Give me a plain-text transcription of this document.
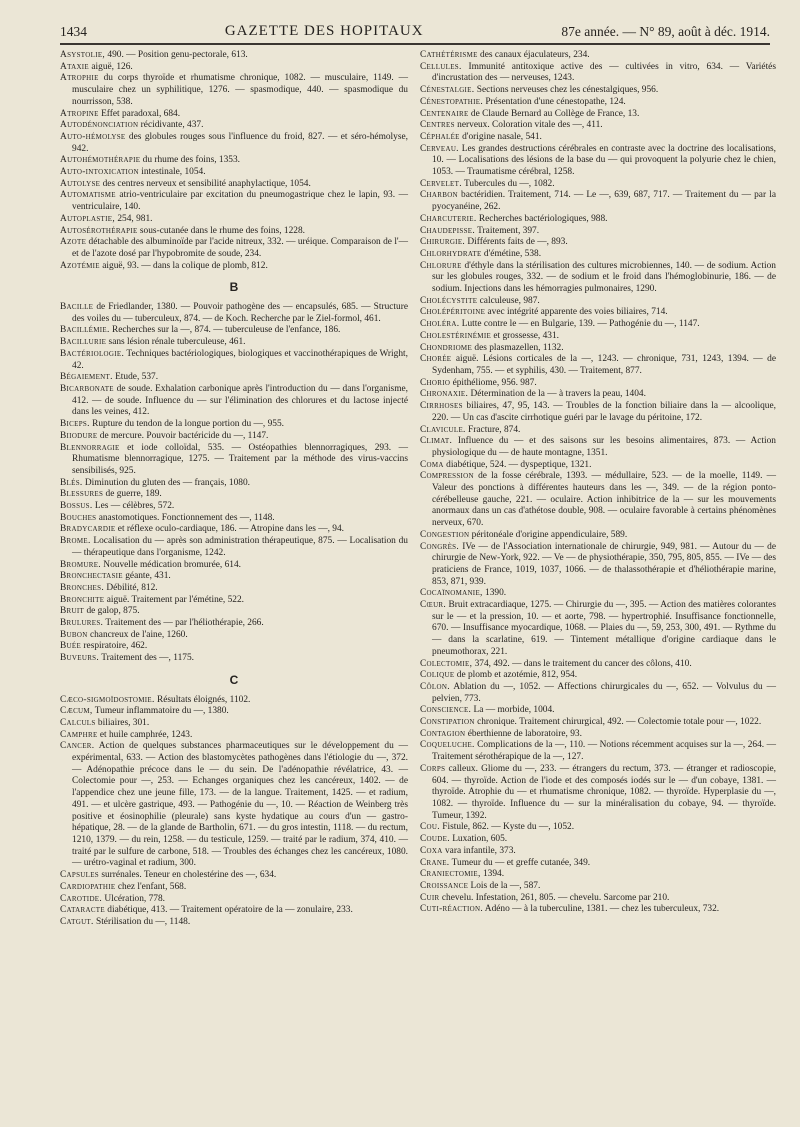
1434	GAZETTE DES HOPITAUX	87e année. — N° 89, août à déc. 1914.

Asystolie, 490. — Position genu-pectorale, 613.

Ataxie aiguë, 126.

Atrophie du corps thyroïde et rhumatisme chronique, 1082. — musculaire, 1149. — musculaire chez un syphilitique, 1276. — spasmodique, 440. — spasmodique du nourrisson, 538.

Atropine Effet paradoxal, 684.

Autodénonciation récidivante, 437.

Auto-hémolyse des globules rouges sous l'influence du froid, 827. — et séro-hémolyse, 942.

Autohémothérapie du rhume des foins, 1353.

Auto-intoxication intestinale, 1054.

Autolyse des centres nerveux et sensibilité anaphylactique, 1054.

Automatisme atrio-ventriculaire par excitation du pneumogastrique chez le lapin, 93. — ventriculaire, 140.

Autoplastie, 254, 981.

Autosérothérapie sous-cutanée dans le rhume des foins, 1228.

Azote détachable des albuminoïde par l'acide nitreux, 332. — uréique. Comparaison de l'— et de l'azote dosé par l'hypobromite de soude, 234.

Azotémie aiguë, 93. — dans la colique de plomb, 812.

B

Bacille de Friedlander, 1380. — Pouvoir pathogène des — encapsulés, 685. — Structure des voiles du — tuberculeux, 874. — de Koch. Recherche par le Ziel-formol, 461.

Bacillémie. Recherches sur la —, 874. — tuberculeuse de l'enfance, 186.

Bacillurie sans lésion rénale tuberculeuse, 461.

Bactériologie. Techniques bactériologiques, biologiques et vaccinothérapiques de Wright, 42.

Bégaiement. Etude, 537.

Bicarbonate de soude. Exhalation carbonique après l'introduction du — dans l'organisme, 412. — de soude. Influence du — sur l'élimination des chlorures et du lactose injecté dans les veines, 412.

Biceps. Rupture du tendon de la longue portion du —, 955.

Biiodure de mercure. Pouvoir bactéricide du —, 1147.

Blennorragie et iode colloïdal, 535. — Ostéopathies blennorragiques, 293. — Rhumatisme blennorragique, 1275. — Traitement par la méthode des virus-vaccins sensibilisés, 925.

Blés. Diminution du gluten des — français, 1080.

Blessures de guerre, 189.

Bossus. Les — célèbres, 572.

Bouches anastomotiques. Fonctionnement des —, 1148.

Bradycardie et réflexe oculo-cardiaque, 186. — Atropine dans les —, 94.

Brome. Localisation du — après son administration thérapeutique, 875. — Localisation du — thérapeutique dans l'organisme, 1242.

Bromure. Nouvelle médication bromurée, 614.

Bronchectasie géante, 431.

Bronches. Débilité, 812.

Bronchite aiguë. Traitement par l'émétine, 522.

Bruit de galop, 875.

Brulures. Traitement des — par l'héliothérapie, 266.

Bubon chancreux de l'aine, 1260.

Buée respiratoire, 462.

Buveurs. Traitement des —, 1175.

C

Cæco-sigmoïdostomie. Résultats éloignés, 1102.

Cæcum, Tumeur inflammatoire du —, 1380.

Calculs biliaires, 301.

Camphre et huile camphrée, 1243.

Cancer. Action de quelques substances pharmaceutiques sur le développement du — expérimental, 633. — Action des blastomycètes pathogènes dans l'étiologie du —, 372. — Adénopathie précoce dans le — du sein. De l'adénopathie révélatrice, 43. — Colectomie pour —, 253. — Echanges organiques chez les cancéreux, 1402. — de l'appendice chez une jeune fille, 173. — de la langue. Traitement, 1425. — et radium, 491. — et ulcère gastrique, 493. — Pathogénie du —, 10. — Réaction de Weinberg très positive et éosinophilie (pleurale) sans kyste hydatique au cours d'un — gastro-hépatique, 28. — de la glande de Bartholin, 671. — du gros intestin, 1118. — du rectum, 1210, 1379. — du rein, 1258. — du testicule, 1259. — traité par le radium, 374, 410. — traité par le sulfure de carbone, 518. — Troubles des échanges chez les cancéreux, 1080. — urétro-vaginal et radium, 300.

Capsules surrénales. Teneur en cholestérine des —, 634.

Cardiopathie chez l'enfant, 568.

Carotide. Ulcération, 778.

Cataracte diabétique, 413. — Traitement opératoire de la — zonulaire, 233.

Catgut. Stérilisation du —, 1148.

Cathétérisme des canaux éjaculateurs, 234.

Cellules. Immunité antitoxique active des — cultivées in vitro, 634. — Variétés d'incrustation des — nerveuses, 1243.

Cénestalgie. Sections nerveuses chez les cénestalgiques, 956.

Cénestopathie. Présentation d'une cénestopathe, 124.

Centenaire de Claude Bernard au Collège de France, 13.

Centres nerveux. Coloration vitale des —, 411.

Céphalée d'origine nasale, 541.

Cerveau. Les grandes destructions cérébrales en contraste avec la doctrine des localisations, 10. — Localisations des lésions de la base du — qui provoquent la polyurie chez le chien, 1053. — Traumatisme cérébral, 1258.

Cervelet. Tubercules du —, 1082.

Charbon bactéridien. Traitement, 714. — Le —, 639, 687, 717. — Traitement du — par la pyocyanéine, 262.

Charcuterie. Recherches bactériologiques, 988.

Chaudepisse. Traitement, 397.

Chirurgie. Différents faits de —, 893.

Chlorhydrate d'émétine, 538.

Chlorure d'éthyle dans la stérilisation des cultures microbiennes, 140. — de sodium. Action sur les globules rouges, 332. — de sodium et le froid dans l'hémoglobinurie, 186. — de sodium. Injections dans les hémorragies pulmonaires, 1290.

Cholécystite calculeuse, 987.

Cholépéritoine avec intégrité apparente des voies biliaires, 714.

Choléra. Lutte contre le — en Bulgarie, 139. — Pathogénie du —, 1147.

Cholestérinémie et grossesse, 431.

Chondriome des plasmazellen, 1132.

Chorée aiguë. Lésions corticales de la —, 1243. — chronique, 731, 1243, 1394. — de Sydenham, 755. — et syphilis, 430. — Traitement, 877.

Chorio épithéliome, 956. 987.

Chronaxie. Détermination de la — à travers la peau, 1404.

Cirrhoses biliaires, 47, 95, 143. — Troubles de la fonction biliaire dans la — alcoolique, 220. — Un cas d'ascite cirrhotique guéri par le lavage du péritoine, 172.

Clavicule. Fracture, 874.

Climat. Influence du — et des saisons sur les besoins alimentaires, 873. — Action physiologique du — de haute montagne, 1351.

Coma diabétique, 524. — dyspeptique, 1321.

Compression de la fosse cérébrale, 1393. — médullaire, 523. — de la moelle, 1149. — Valeur des ponctions à différentes hauteurs dans les —, 349. — de la région ponto-cérébelleuse gauche, 221. — oculaire. Action inhibitrice de la — sur les mouvements anormaux dans un cas d'athétose double, 908. — oculaire favorable à certains phénomènes nerveux, 670.

Congestion péritonéale d'origine appendiculaire, 589.

Congrès. IVe — de l'Association internationale de chirurgie, 949, 981. — Autour du — de chirurgie de New-York, 922. — Ve — de physiothérapie, 350, 795, 805, 855. — IVe — des praticiens de France, 1019, 1037, 1066. — de thalassothérapie et d'héliothérapie marine, 853, 871, 939.

Cocaïnomanie, 1390.

Cœur. Bruit extracardiaque, 1275. — Chirurgie du —, 395. — Action des matières colorantes sur le — et la pression, 10. — et aorte, 798. — hypertrophié. Insuffisance fonctionnelle, 670. — Insuffisance myocardique, 1068. — Plaies du —, 59, 253, 300, 491. — Rythme du — dans la scarlatine, 619. — Tintement métallique d'origine cardiaque dans le pneumothorax, 221.

Colectomie, 374, 492. — dans le traitement du cancer des côlons, 410.

Colique de plomb et azotémie, 812, 954.

Côlon. Ablation du —, 1052. — Affections chirurgicales du —, 652. — Volvulus du — pelvien, 773.

Conscience. La — morbide, 1004.

Constipation chronique. Traitement chirurgical, 492. — Colectomie totale pour —, 1022.

Contagion éberthienne de laboratoire, 93.

Coqueluche. Complications de la —, 110. — Notions récemment acquises sur la —, 264. — Traitement sérothérapique de la —, 127.

Corps calleux. Gliome du —, 233. — étrangers du rectum, 373. — étranger et radioscopie, 604. — thyroïde. Action de l'iode et des composés iodés sur le — d'un cobaye, 1381. — thyroïde. Atrophie du — et rhumatisme chronique, 1082. — thyroïde. Hyperplasie du —, 1082. — thyroïde. Influence du — sur la minéralisation du cobaye, 94. — thyroïde. Tumeur, 1392.

Cou. Fistule, 862. — Kyste du —, 1052.

Coude. Luxation, 605.

Coxa vara infantile, 373.

Crane. Tumeur du — et greffe cutanée, 349.

Craniectomie, 1394.

Croissance Lois de la —, 587.

Cuir chevelu. Infestation, 261, 805. — chevelu. Sarcome par 210.

Cuti-réaction. Adéno — à la tuberculine, 1381. — chez les tuberculeux, 732.
